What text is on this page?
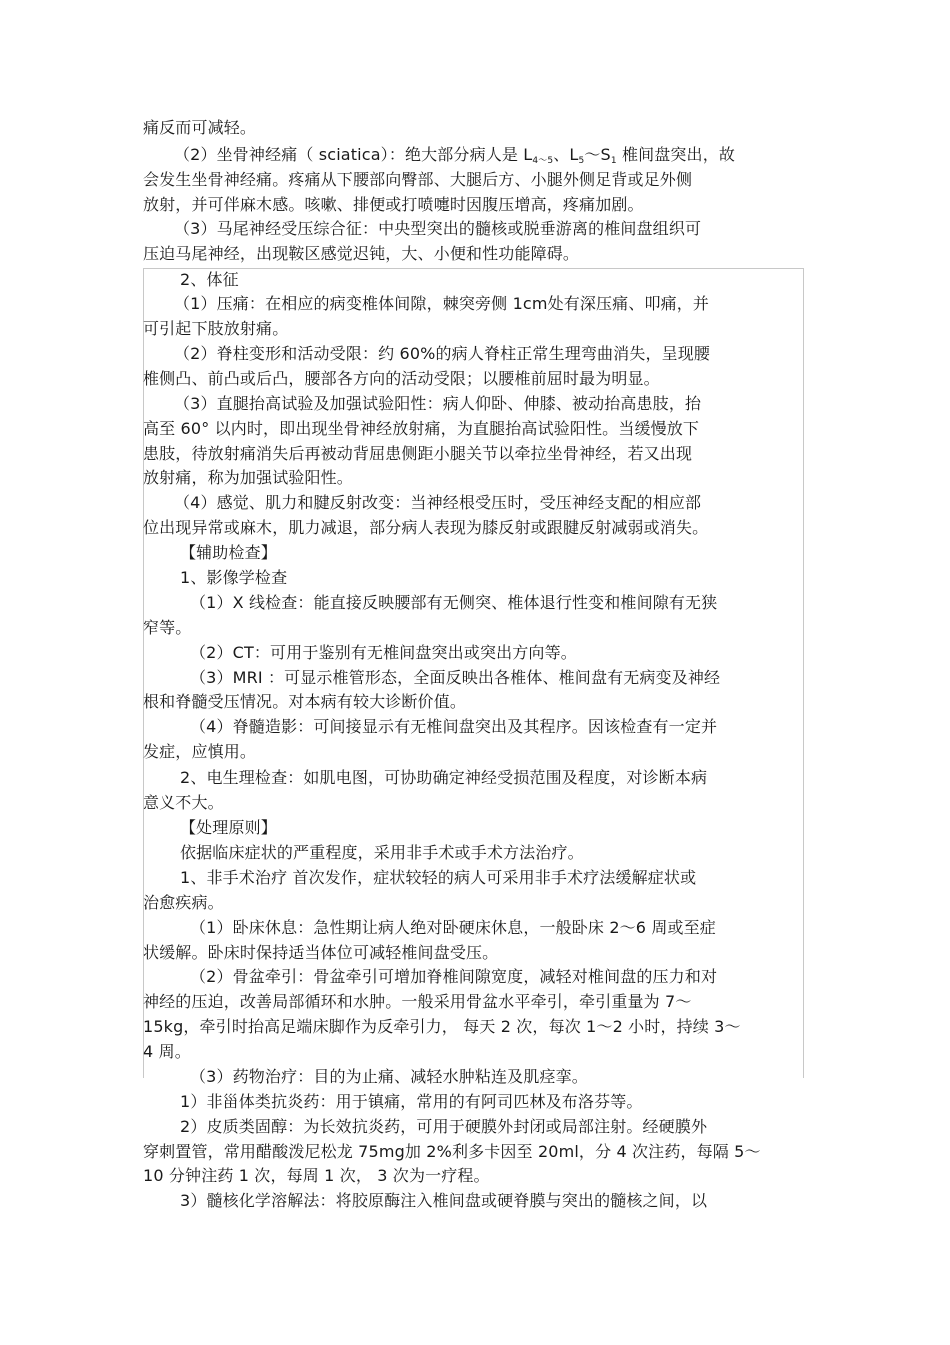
痛反而可减轻。
（2）坐骨神经痛（ sciatica）：绝大部分病人是 $L_{4\sim 5}$、$L_5\sim S_1$ 椎间盘突出，故
会发生坐骨神经痛。疼痛从下腰部向臀部、大腿后方、小腿外侧足背或足外侧
放射，并可伴麻木感。咳嗽、排便或打喷嚏时因腹压增高，疼痛加剧。
（3）马尾神经受压综合征：中央型突出的髓核或脱垂游离的椎间盘组织可
压迫马尾神经，出现鞍区感觉迟钝，大、小便和性功能障碍。
2、体征
（1）压痛：在相应的病变椎体间隙，棘突旁侧 1cm处有深压痛、叩痛，并
可引起下肢放射痛。
（2）脊柱变形和活动受限：约 60%的病人脊柱正常生理弯曲消失，呈现腰
椎侧凸、前凸或后凸，腰部各方向的活动受限；以腰椎前屈时最为明显。
（3）直腿抬高试验及加强试验阳性：病人仰卧、伸膝、被动抬高患肢，抬
高至 60° 以内时，即出现坐骨神经放射痛，为直腿抬高试验阳性。当缓慢放下
患肢，待放射痛消失后再被动背屈患侧距小腿关节以牵拉坐骨神经，若又出现
放射痛，称为加强试验阳性。
（4）感觉、肌力和腱反射改变：当神经根受压时，受压神经支配的相应部
位出现异常或麻木，肌力减退，部分病人表现为膝反射或跟腱反射减弱或消失。
【辅助检查】
1、影像学检查
（1）X 线检查：能直接反映腰部有无侧突、椎体退行性变和椎间隙有无狭
窄等。
（2）CT：可用于鉴别有无椎间盘突出或突出方向等。
（3）MRI ：可显示椎管形态，全面反映出各椎体、椎间盘有无病变及神经
根和脊髓受压情况。对本病有较大诊断价值。
（4）脊髓造影：可间接显示有无椎间盘突出及其程序。因该检查有一定并
发症，应慎用。
2、电生理检查：如肌电图，可协助确定神经受损范围及程度，对诊断本病
意义不大。
【处理原则】
依据临床症状的严重程度，采用非手术或手术方法治疗。
1、非手术治疗 首次发作，症状较轻的病人可采用非手术疗法缓解症状或
治愈疾病。
（1）卧床休息：急性期让病人绝对卧硬床休息，一般卧床 2～6 周或至症
状缓解。卧床时保持适当体位可减轻椎间盘受压。
（2）骨盆牵引：骨盆牵引可增加脊椎间隙宽度，减轻对椎间盘的压力和对
神经的压迫，改善局部循环和水肿。一般采用骨盆水平牵引，牵引重量为 7～
15kg，牵引时抬高足端床脚作为反牵引力， 每天 2 次，每次 1～2 小时，持续 3～
4 周。
（3）药物治疗：目的为止痛、减轻水肿粘连及肌痉挛。
1）非甾体类抗炎药：用于镇痛，常用的有阿司匹林及布洛芬等。
2）皮质类固醇：为长效抗炎药，可用于硬膜外封闭或局部注射。经硬膜外
穿刺置管，常用醋酸泼尼松龙 75mg加 2%利多卡因至 20ml，分 4 次注药，每隔 5～
10 分钟注药 1 次，每周 1 次， 3 次为一疗程。
3）髓核化学溶解法：将胶原酶注入椎间盘或硬脊膜与突出的髓核之间，以
